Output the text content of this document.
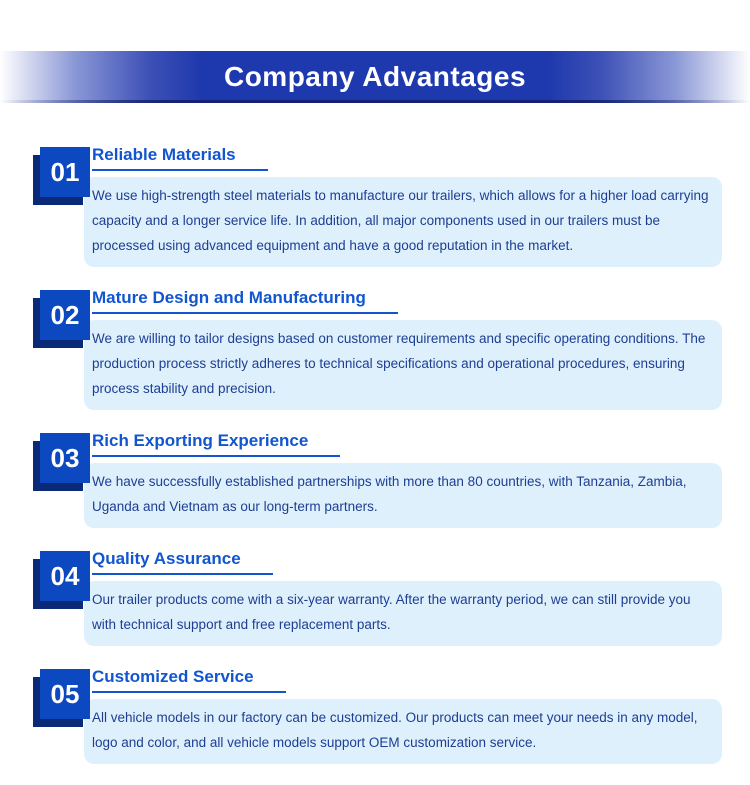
Company Advantages
01
Reliable Materials
We use high-strength steel materials to manufacture our trailers, which allows for a higher load carrying capacity and a longer service life. In addition, all major components used in our trailers must be processed using advanced equipment and have a good reputation in the market.
02
Mature Design and Manufacturing
We are willing to tailor designs based on customer requirements and specific operating conditions. The production process strictly adheres to technical specifications and operational procedures, ensuring process stability and precision.
03
Rich Exporting Experience
We have successfully established partnerships with more than 80 countries, with Tanzania, Zambia, Uganda and Vietnam as our long-term partners.
04
Quality Assurance
Our trailer products come with a six-year warranty. After the warranty period, we can still provide you with technical support and free replacement parts.
05
Customized Service
All vehicle models in our factory can be customized. Our products can meet your needs in any model, logo and color, and all vehicle models support OEM customization service.
